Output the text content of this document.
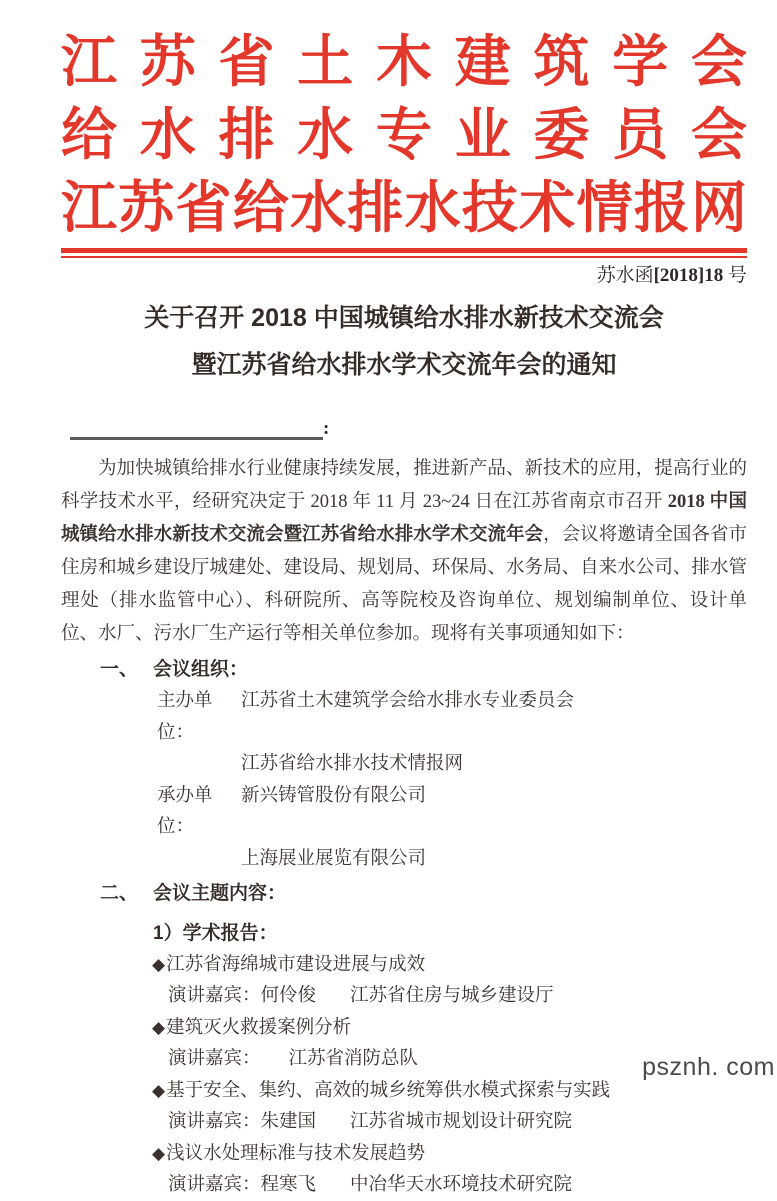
江 苏 省 土 木 建 筑 学 会
给 水 排 水 专 业 委 员 会
江苏省给水排水技术情报网
苏水函[2018]18 号
关于召开 2018 中国城镇给水排水新技术交流会
暨江苏省给水排水学术交流年会的通知
:

为加快城镇给排水行业健康持续发展，推进新产品、新技术的应用，提高行业的科学技术水平，经研究决定于 2018 年 11 月 23~24 日在江苏省南京市召开 2018 中国城镇给水排水新技术交流会暨江苏省给水排水学术交流年会，会议将邀请全国各省市住房和城乡建设厅城建处、建设局、规划局、环保局、水务局、自来水公司、排水管理处（排水监管中心）、科研院所、高等院校及咨询单位、规划编制单位、设计单位、水厂、污水厂生产运行等相关单位参加。现将有关事项通知如下：

一、 会议组织：
主办单位：
江苏省土木建筑学会给水排水专业委员会
江苏省给水排水技术情报网
承办单位：
新兴铸管股份有限公司
上海展业展览有限公司
二、 会议主题内容：
1）学术报告：
◆江苏省海绵城市建设进展与成效
演讲嘉宾：何伶俊 江苏省住房与城乡建设厅
◆建筑灭火救援案例分析
演讲嘉宾： 江苏省消防总队
◆基于安全、集约、高效的城乡统筹供水模式探索与实践
演讲嘉宾：朱建国 江苏省城市规划设计研究院
◆浅议水处理标准与技术发展趋势
演讲嘉宾：程寒飞 中冶华天水环境技术研究院
psznh. com
